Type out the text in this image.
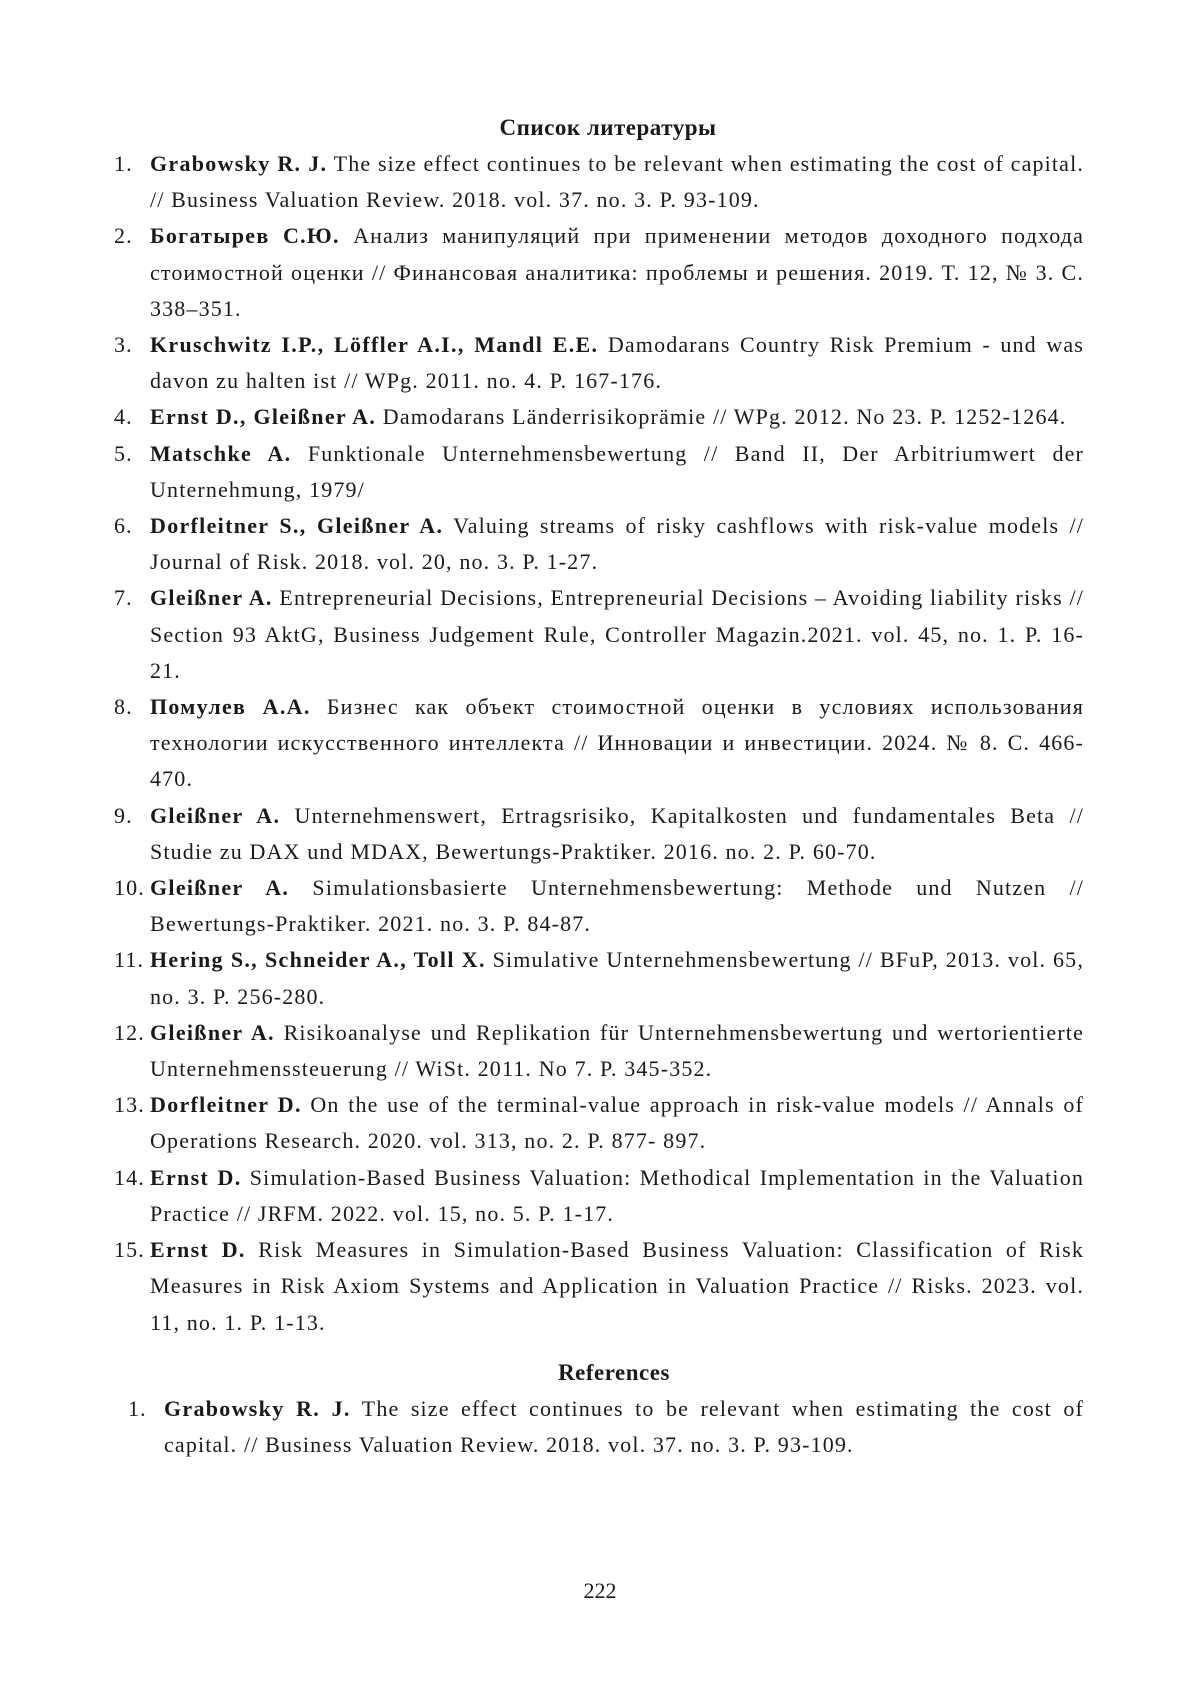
Список литературы
1. Grabowsky R. J. The size effect continues to be relevant when estimating the cost of capital. // Business Valuation Review. 2018. vol. 37. no. 3. P. 93-109.
2. Богатырев С.Ю. Анализ манипуляций при применении методов доходного подхода стоимостной оценки // Финансовая аналитика: проблемы и решения. 2019. Т. 12, № 3. С. 338–351.
3. Kruschwitz I.P., Löffler A.I., Mandl E.E. Damodarans Country Risk Premium - und was davon zu halten ist // WPg. 2011. no. 4. P. 167-176.
4. Ernst D., Gleißner A. Damodarans Länderrisikoprämie // WPg. 2012. No 23. P. 1252-1264.
5. Matschke A. Funktionale Unternehmensbewertung // Band II, Der Arbitriumwert der Unternehmung, 1979/
6. Dorfleitner S., Gleißner A. Valuing streams of risky cashflows with risk-value models // Journal of Risk. 2018. vol. 20, no. 3. P. 1-27.
7. Gleißner A. Entrepreneurial Decisions, Entrepreneurial Decisions – Avoiding liability risks // Section 93 AktG, Business Judgement Rule, Controller Magazin.2021. vol. 45, no. 1. P. 16-21.
8. Помулев А.А. Бизнес как объект стоимостной оценки в условиях использования технологии искусственного интеллекта // Инновации и инвестиции. 2024. № 8. С. 466-470.
9. Gleißner A. Unternehmenswert, Ertragsrisiko, Kapitalkosten und fundamentales Beta // Studie zu DAX und MDAX, Bewertungs-Praktiker. 2016. no. 2. P. 60-70.
10. Gleißner A. Simulationsbasierte Unternehmensbewertung: Methode und Nutzen // Bewertungs-Praktiker. 2021. no. 3. P. 84-87.
11. Hering S., Schneider A., Toll X. Simulative Unternehmensbewertung // BFuP, 2013. vol. 65, no. 3. P. 256-280.
12. Gleißner A. Risikoanalyse und Replikation für Unternehmensbewertung und wertorientierte Unternehmenssteuerung // WiSt. 2011. No 7. P. 345-352.
13. Dorfleitner D. On the use of the terminal-value approach in risk-value models // Annals of Operations Research. 2020. vol. 313, no. 2. P. 877- 897.
14. Ernst D. Simulation-Based Business Valuation: Methodical Implementation in the Valuation Practice // JRFM. 2022. vol. 15, no. 5. P. 1-17.
15. Ernst D. Risk Measures in Simulation-Based Business Valuation: Classification of Risk Measures in Risk Axiom Systems and Application in Valuation Practice // Risks. 2023. vol. 11, no. 1. P. 1-13.
References
1. Grabowsky R. J. The size effect continues to be relevant when estimating the cost of capital. // Business Valuation Review. 2018. vol. 37. no. 3. P. 93-109.
222
